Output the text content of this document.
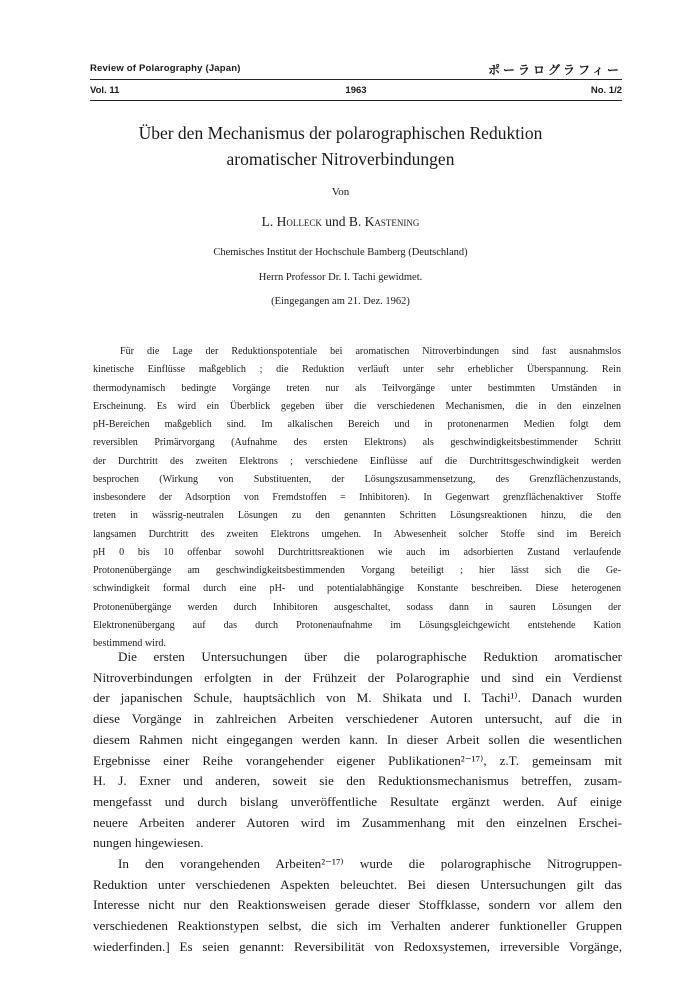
Review of Polarography (Japan)	ポーラログラフィー
Vol. 11	1963	No. 1/2
Über den Mechanismus der polarographischen Reduktion
aromatischer Nitroverbindungen
Von
L. Holleck und B. Kastening
Chemisches Institut der Hochschule Bamberg (Deutschland)
Herrn Professor Dr. I. Tachi gewidmet.
(Eingegangen am 21. Dez. 1962)
Für die Lage der Reduktionspotentiale bei aromatischen Nitroverbindungen sind fast ausnahmslos
kinetische Einflüsse maßgeblich ; die Reduktion verläuft unter sehr erheblicher Überspannung. Rein
thermodynamisch bedingte Vorgänge treten nur als Teilvorgänge unter bestimmten Umständen in
Erscheinung. Es wird ein Überblick gegeben über die verschiedenen Mechanismen, die in den einzelnen
pH-Bereichen maßgeblich sind. Im alkalischen Bereich und in protonenarmen Medien folgt dem
reversiblen Primärvorgang (Aufnahme des ersten Elektrons) als geschwindigkeitsbestimmender Schritt
der Durchtritt des zweiten Elektrons ; verschiedene Einflüsse auf die Durchtrittsgeschwindigkeit werden
besprochen (Wirkung von Substituenten, der Lösungszusammensetzung, des Grenzflächenzustands,
insbesondere der Adsorption von Fremdstoffen = Inhibitoren). In Gegenwart grenzflächenaktiver Stoffe
treten in wässrig-neutralen Lösungen zu den genannten Schritten Lösungsreaktionen hinzu, die den
langsamen Durchtritt des zweiten Elektrons umgehen. In Abwesenheit solcher Stoffe sind im Bereich
pH 0 bis 10 offenbar sowohl Durchtrittsreaktionen wie auch im adsorbierten Zustand verlaufende
Protonenübergänge am geschwindigkeitsbestimmenden Vorgang beteiligt ; hier lässt sich die Ge-
schwindigkeit formal durch eine pH- und potentialabhängige Konstante beschreiben. Diese heterogenen
Protonenübergänge werden durch Inhibitoren ausgeschaltet, sodass dann in sauren Lösungen der
Elektronenübergang auf das durch Protonenaufnahme im Lösungsgleichgewicht entstehende Kation
bestimmend wird.
Die ersten Untersuchungen über die polarographische Reduktion aromatischer
Nitroverbindungen erfolgten in der Frühzeit der Polarographie und sind ein Verdienst
der japanischen Schule, hauptsächlich von M. Shikata und I. Tachi¹⁾. Danach wurden
diese Vorgänge in zahlreichen Arbeiten verschiedener Autoren untersucht, auf die in
diesem Rahmen nicht eingegangen werden kann. In dieser Arbeit sollen die wesentlichen
Ergebnisse einer Reihe vorangehender eigener Publikationen²⁻¹⁷⁾, z.T. gemeinsam mit
H. J. Exner und anderen, soweit sie den Reduktionsmechanismus betreffen, zusam-
mengefasst und durch bislang unveröffentliche Resultate ergänzt werden. Auf einige
neuere Arbeiten anderer Autoren wird im Zusammenhang mit den einzelnen Erschei-
nungen hingewiesen.
In den vorangehenden Arbeiten²⁻¹⁷⁾ wurde die polarographische Nitrogruppen-
Reduktion unter verschiedenen Aspekten beleuchtet. Bei diesen Untersuchungen gilt das
Interesse nicht nur den Reaktionsweisen gerade dieser Stoffklasse, sondern vor allem den
verschiedenen Reaktionstypen selbst, die sich im Verhalten anderer funktioneller Gruppen
wiederfinden.] Es seien genannt: Reversibilität von Redoxsystemen, irreversible Vorgänge,
